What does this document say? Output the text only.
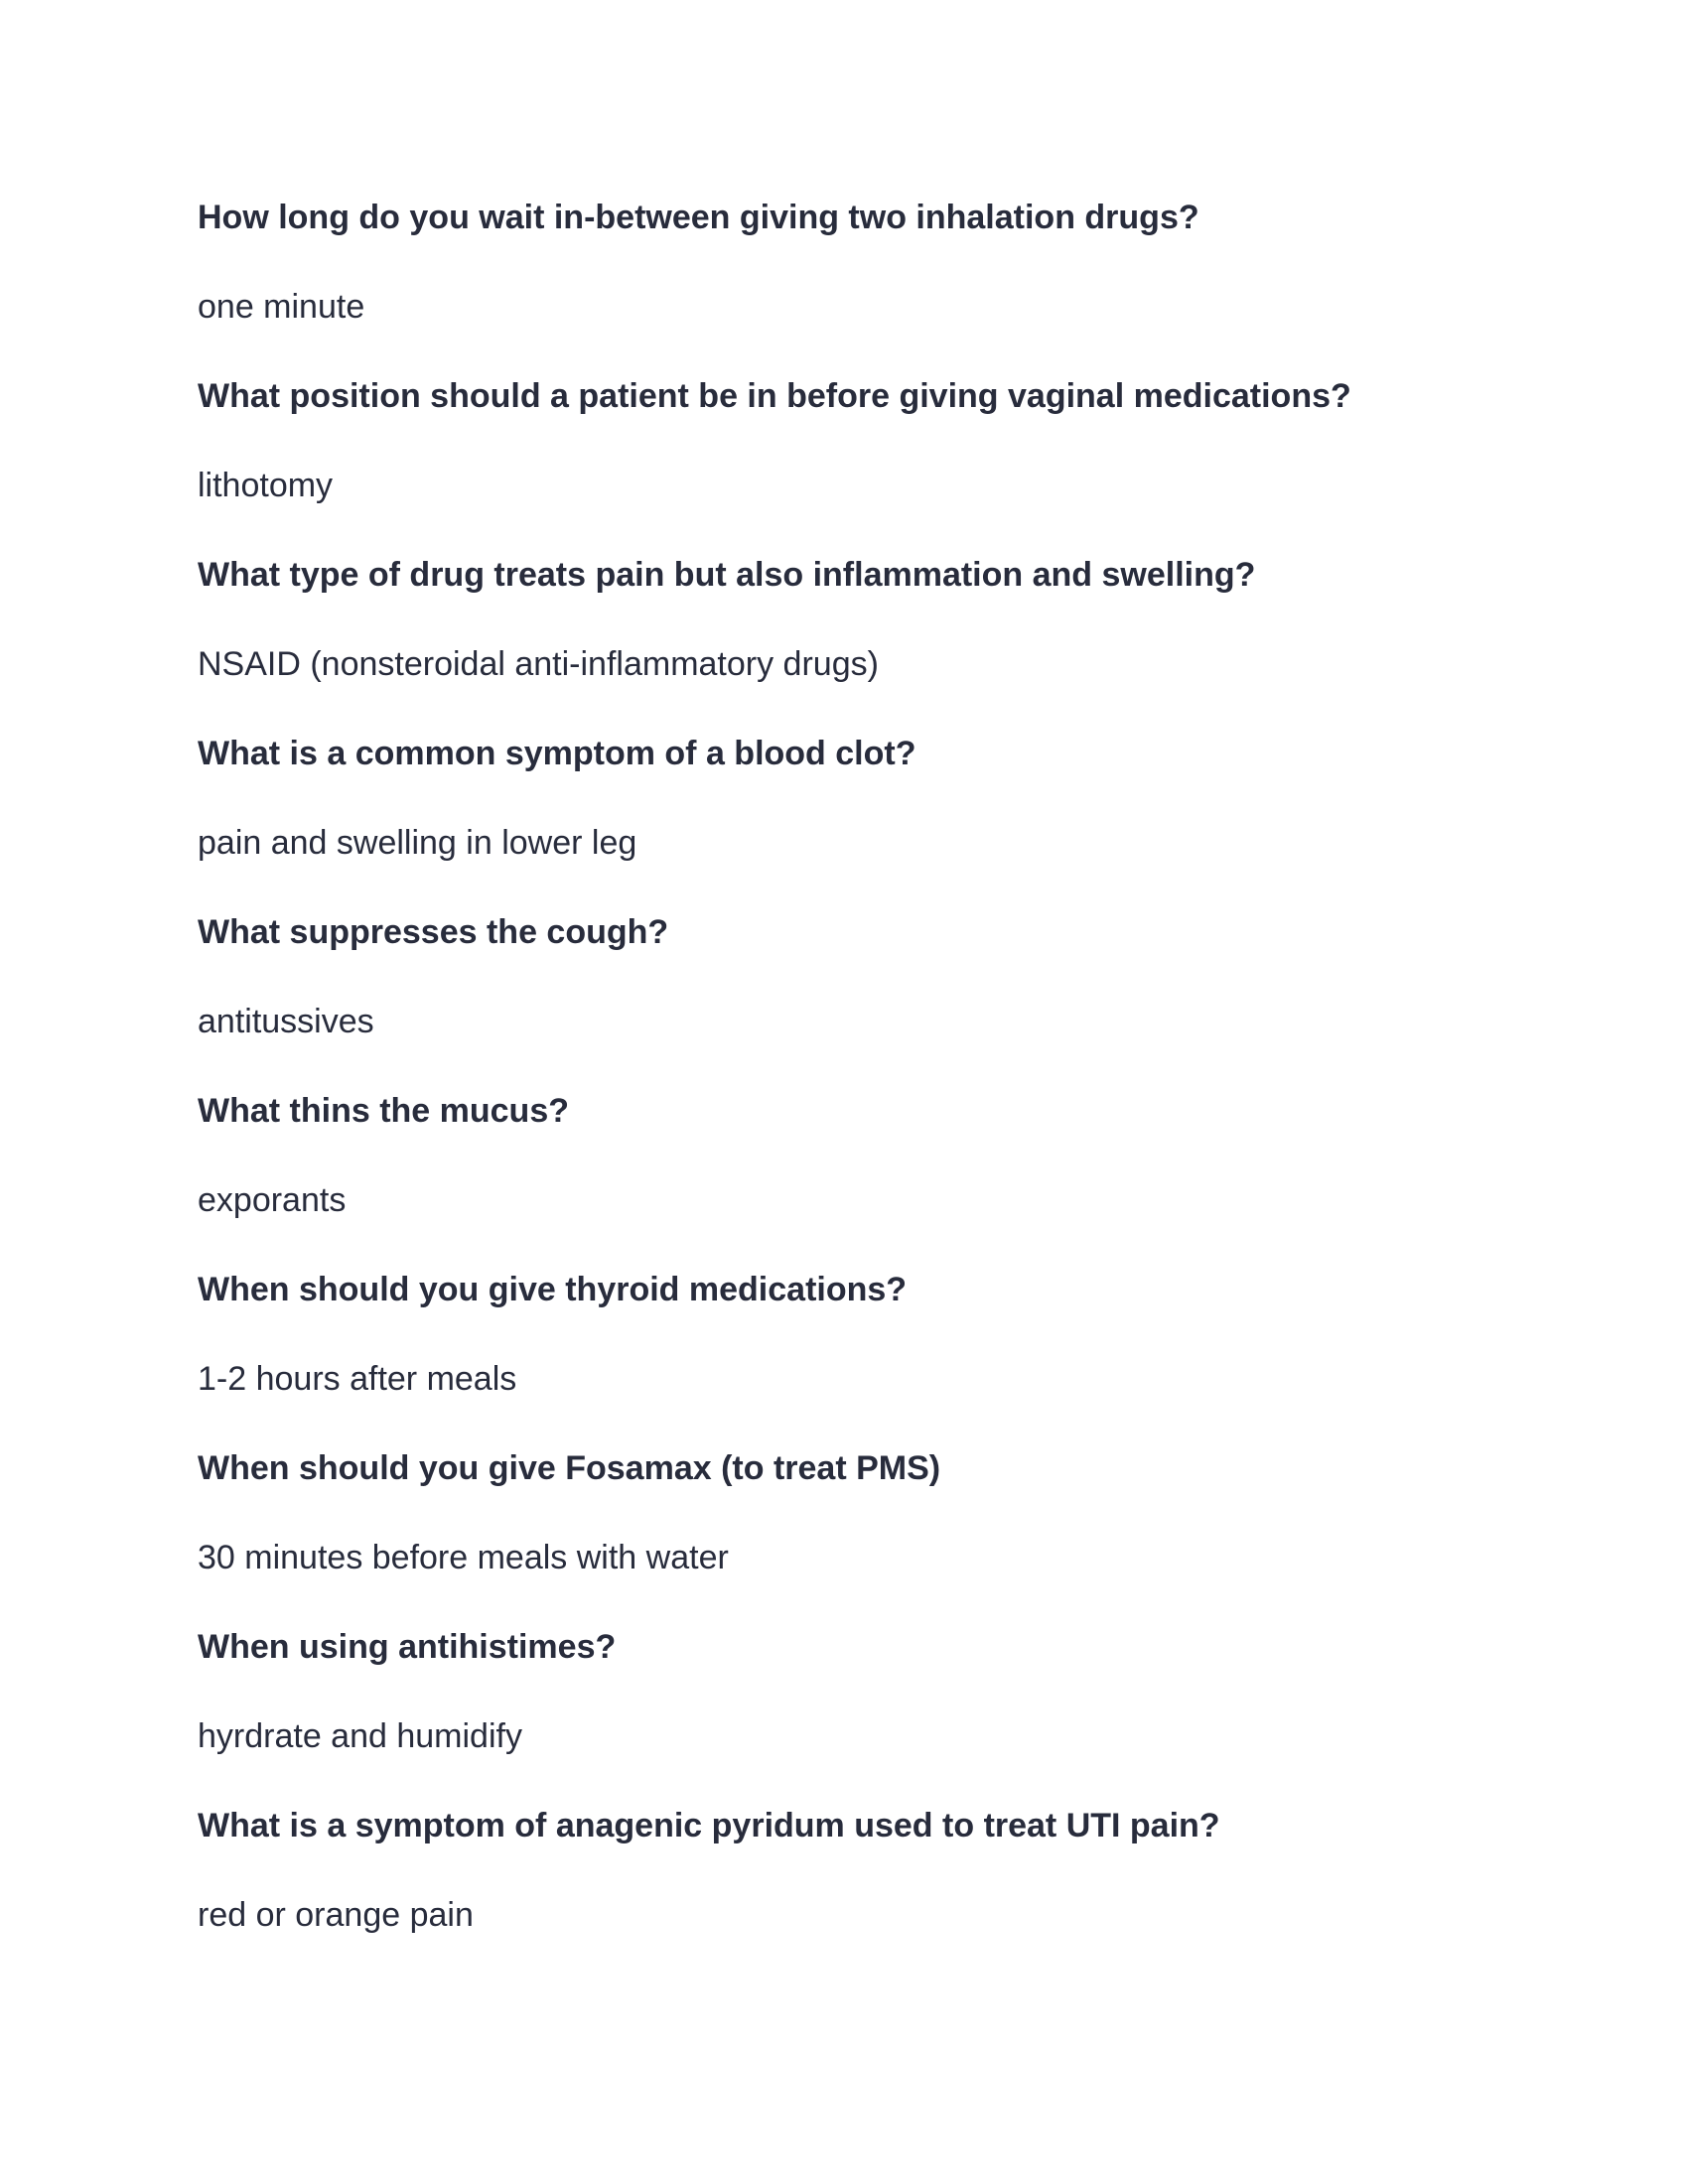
How long do you wait in-between giving two inhalation drugs?
one minute
What position should a patient be in before giving vaginal medications?
lithotomy
What type of drug treats pain but also inflammation and swelling?
NSAID (nonsteroidal anti-inflammatory drugs)
What is a common symptom of a blood clot?
pain and swelling in lower leg
What suppresses the cough?
antitussives
What thins the mucus?
exporants
When should you give thyroid medications?
1-2 hours after meals
When should you give Fosamax (to treat PMS)
30 minutes before meals with water
When using antihistimes?
hyrdrate and humidify
What is a symptom of anagenic pyridum used to treat UTI pain?
red or orange pain
